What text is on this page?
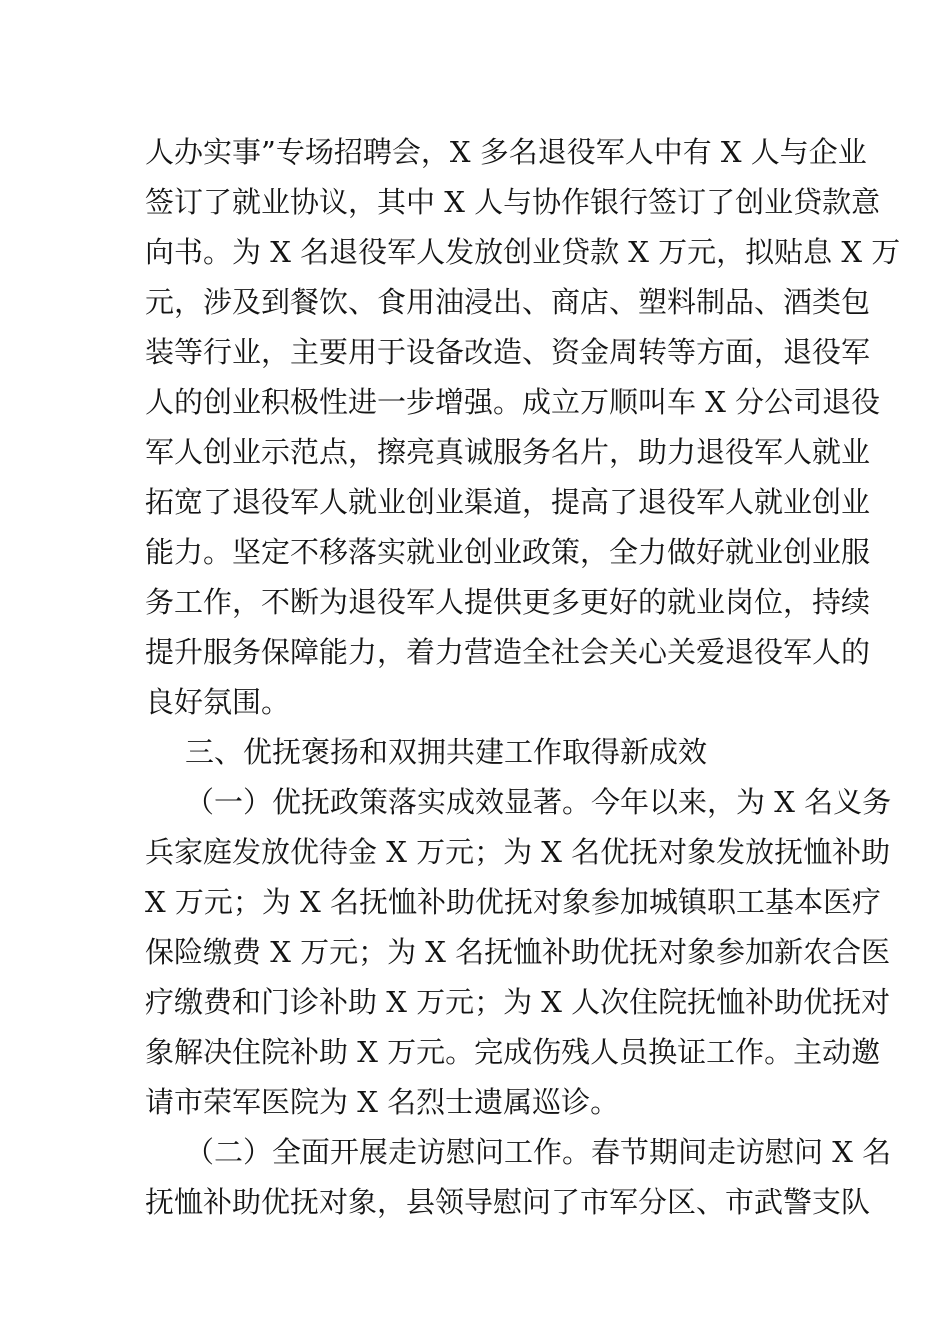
人办实事”专场招聘会，X 多名退役军人中有 X 人与企业
签订了就业协议，其中 X 人与协作银行签订了创业贷款意
向书。为 X 名退役军人发放创业贷款 X 万元，拟贴息 X 万
元，涉及到餐饮、食用油浸出、商店、塑料制品、酒类包
装等行业，主要用于设备改造、资金周转等方面，退役军
人的创业积极性进一步增强。成立万顺叫车 X 分公司退役
军人创业示范点，擦亮真诚服务名片，助力退役军人就业
拓宽了退役军人就业创业渠道，提高了退役军人就业创业
能力。坚定不移落实就业创业政策，全力做好就业创业服
务工作，不断为退役军人提供更多更好的就业岗位，持续
提升服务保障能力，着力营造全社会关心关爱退役军人的
良好氛围。
三、优抚褒扬和双拥共建工作取得新成效
（一）优抚政策落实成效显著。今年以来，为 X 名义务
兵家庭发放优待金 X 万元；为 X 名优抚对象发放抚恤补助
X 万元；为 X 名抚恤补助优抚对象参加城镇职工基本医疗
保险缴费 X 万元；为 X 名抚恤补助优抚对象参加新农合医
疗缴费和门诊补助 X 万元；为 X 人次住院抚恤补助优抚对
象解决住院补助 X 万元。完成伤残人员换证工作。主动邀
请市荣军医院为 X 名烈士遗属巡诊。
（二）全面开展走访慰问工作。春节期间走访慰问 X 名
抚恤补助优抚对象，县领导慰问了市军分区、市武警支队
